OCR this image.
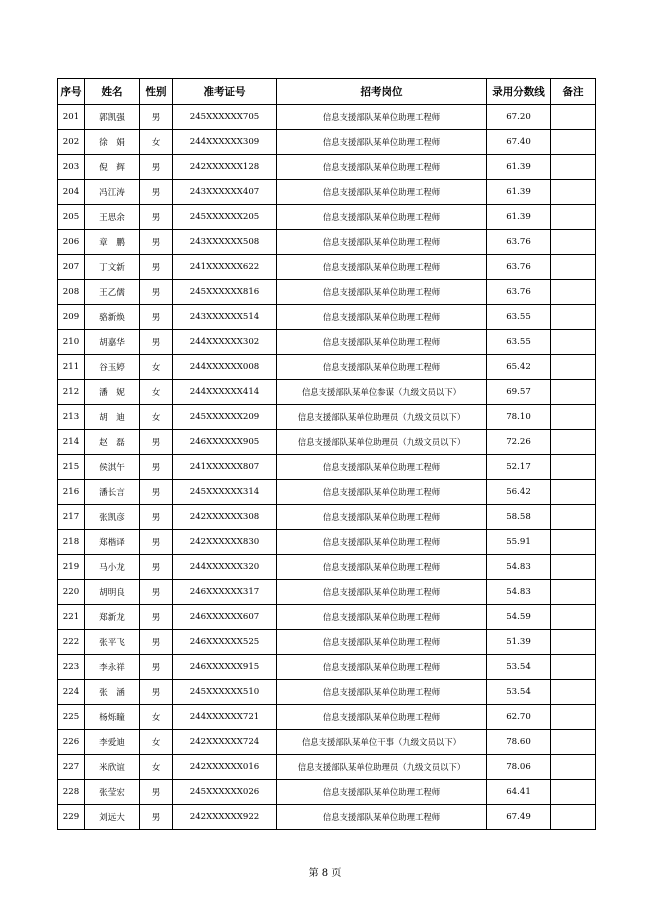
序号	姓名	性别	准考证号	招考岗位	录用分数线	备注
201	郭凯强	男	245XXXXXX705	信息支援部队某单位助理工程师	67.20	
202	徐　娟	女	244XXXXXX309	信息支援部队某单位助理工程师	67.40	
203	倪　辉	男	242XXXXXX128	信息支援部队某单位助理工程师	61.39	
204	冯江涛	男	243XXXXXX407	信息支援部队某单位助理工程师	61.39	
205	王思余	男	245XXXXXX205	信息支援部队某单位助理工程师	61.39	
206	章　鹏	男	243XXXXXX508	信息支援部队某单位助理工程师	63.76	
207	丁文新	男	241XXXXXX622	信息支援部队某单位助理工程师	63.76	
208	王乙儒	男	245XXXXXX816	信息支援部队某单位助理工程师	63.76	
209	骆新焕	男	243XXXXXX514	信息支援部队某单位助理工程师	63.55	
210	胡嘉华	男	244XXXXXX302	信息支援部队某单位助理工程师	63.55	
211	谷玉婷	女	244XXXXXX008	信息支援部队某单位助理工程师	65.42	
212	潘　妮	女	244XXXXXX414	信息支援部队某单位参谋（九级文员以下）	69.57	
213	胡　迪	女	245XXXXXX209	信息支援部队某单位助理员（九级文员以下）	78.10	
214	赵　磊	男	246XXXXXX905	信息支援部队某单位助理员（九级文员以下）	72.26	
215	侯淇午	男	241XXXXXX807	信息支援部队某单位助理工程师	52.17	
216	潘长言	男	245XXXXXX314	信息支援部队某单位助理工程师	56.42	
217	张凯彦	男	242XXXXXX308	信息支援部队某单位助理工程师	58.58	
218	郑楷译	男	242XXXXXX830	信息支援部队某单位助理工程师	55.91	
219	马小龙	男	244XXXXXX320	信息支援部队某单位助理工程师	54.83	
220	胡明良	男	246XXXXXX317	信息支援部队某单位助理工程师	54.83	
221	郑新龙	男	246XXXXXX607	信息支援部队某单位助理工程师	54.59	
222	张平飞	男	246XXXXXX525	信息支援部队某单位助理工程师	51.39	
223	李永祥	男	246XXXXXX915	信息支援部队某单位助理工程师	53.54	
224	张　涵	男	245XXXXXX510	信息支援部队某单位助理工程师	53.54	
225	杨烁瞳	女	244XXXXXX721	信息支援部队某单位助理工程师	62.70	
226	李爱迪	女	242XXXXXX724	信息支援部队某单位干事（九级文员以下）	78.60	
227	米欣谊	女	242XXXXXX016	信息支援部队某单位助理员（九级文员以下）	78.06	
228	张莹宏	男	245XXXXXX026	信息支援部队某单位助理工程师	64.41	
229	刘远大	男	242XXXXXX922	信息支援部队某单位助理工程师	67.49	
第 8 页
